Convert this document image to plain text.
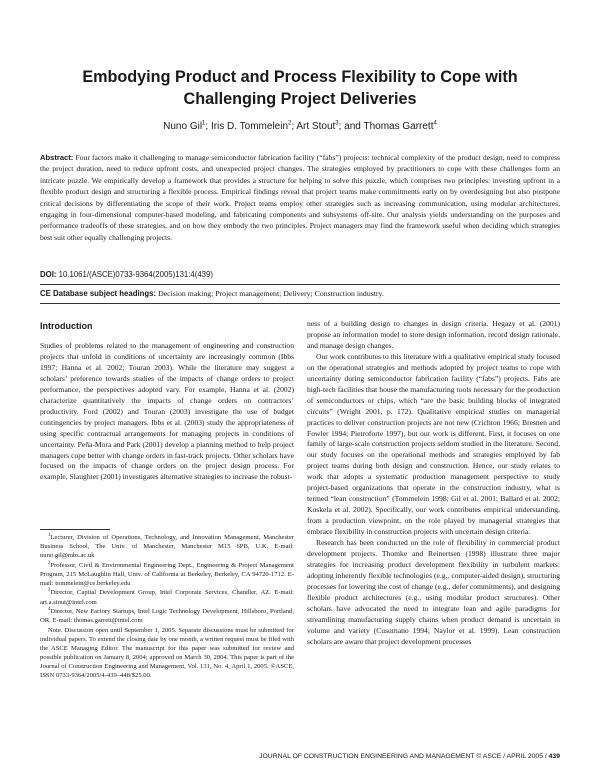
Embodying Product and Process Flexibility to Cope with Challenging Project Deliveries
Nuno Gil$^1$; Iris D. Tommelein$^2$; Art Stout$^3$; and Thomas Garrett$^4$

Abstract: Four factors make it challenging to manage semiconductor fabrication facility (“fabs”) projects: technical complexity of the product design, need to compress the project duration, need to reduce upfront costs, and unexpected project changes. The strategies employed by practitioners to cope with these challenges form an intricate puzzle. We empirically develop a framework that provides a structure for helping to solve this puzzle, which comprises two principles: investing upfront in a flexible product design and structuring a flexible process. Empirical findings reveal that project teams make commitments early on by overdesigning but also postpone critical decisions by differentiating the scope of their work. Project teams employ other strategies such as increasing communication, using modular architectures, engaging in four-dimensional computer-based modeling, and fabricating components and subsystems off-site. Our analysis yields understanding on the purposes and performance tradeoffs of these strategies, and on how they embody the two principles. Project managers may find the framework useful when deciding which strategies best suit other equally challenging projects.

DOI: 10.1061/(ASCE)0733-9364(2005)131:4(439)
CE Database subject headings: Decision making; Project management; Delivery; Construction industry.
Introduction

Studies of problems related to the management of engineering and construction projects that unfold in conditions of uncertainty are increasingly common (Ibbs 1997; Hanna et al. 2002; Touran 2003). While the literature may suggest a scholars’ preference towards studies of the impacts of change orders to project performance, the perspectives adopted vary. For example, Hanna et al. (2002) characterize quantitatively the impacts of change orders on contractors’ productivity. Ford (2002) and Touran (2003) investigate the use of budget contingencies by project managers. Ibbs et al. (2003) study the appropriateness of using specific contractual arrangements for managing projects in conditions of uncertainty. Peña-Mora and Park (2001) develop a planning method to help project managers cope better with change orders in fast-track projects. Other scholars have focused on the impacts of change orders on the project design process. For example, Slaughter (2001) investigates alternative strategies to increase the robust-

$^1$Lecturer, Division of Operations, Technology, and Innovation Management, Manchester Business School, The Univ. of Manchester, Manchester M15 6PB, U.K. E-mail: nuno.gil@mbs.ac.uk

$^2$Professor, Civil & Environmental Engineering Dept., Engineering & Project Management Program, 215 McLaughlin Hall, Univ. of California at Berkeley, Berkeley, CA 94720-1712. E-mail: tommelein@ce.berkeley.edu

$^3$Director, Capital Development Group, Intel Corporate Services, Chandler, AZ. E-mail: art.a.stout@intel.com

$^4$Director, New Factory Startups, Intel Logic Technology Development, Hillsboro, Portland, OR. E-mail: thomas.garrett@intel.com

Note. Discussion open until September 1, 2005. Separate discussions must be submitted for individual papers. To extend the closing date by one month, a written request must be filed with the ASCE Managing Editor. The manuscript for this paper was submitted for review and possible publication on January 8, 2004; approved on March 30, 2004. This paper is part of the Journal of Construction Engineering and Management, Vol. 131, No. 4, April 1, 2005. ©ASCE, ISSN 0733-9364/2005/4-439–448/$25.00.

ness of a building design to changes in design criteria. Hegazy et al. (2001) propose an information model to store design information, record design rationale, and manage design changes.

Our work contributes to this literature with a qualitative empirical study focused on the operational strategies and methods adopted by project teams to cope with uncertainty during semiconductor fabrication facility (“fabs”) projects. Fabs are high-tech facilities that house the manufacturing tools necessary for the production of semiconductors or chips, which “are the basic building blocks of integrated circuits” (Wright 2001, p. 172). Qualitative empirical studies on managerial practices to deliver construction projects are not new (Crichton 1966; Bresnen and Fowler 1994; Pietroforte 1997), but our work is different. First, it focuses on one family of large-scale construction projects seldom studied in the literature. Second, our study focuses on the operational methods and strategies employed by fab project teams during both design and construction. Hence, our study relates to work that adopts a systematic production management perspective to study project-based organizations that operate in the construction industry, what is termed “lean construction” (Tommelein 1998; Gil et al. 2001; Ballard et al. 2002; Koskela et al. 2002). Specifically, our work contributes empirical understanding, from a production viewpoint, on the role played by managerial strategies that embrace flexibility in construction projects with uncertain design criteria.

Research has been conducted on the role of flexibility in commercial product development projects. Thomke and Reinertsen (1998) illustrate three major strategies for increasing product development flexibility in turbulent markets: adopting inherently flexible technologies (e.g., computer-aided design), structuring processes for lowering the cost of change (e.g., defer commitments), and designing flexible product architectures (e.g., using modular product structures). Other scholars have advocated the need to integrate lean and agile paradigms for streamlining manufacturing supply chains when product demand is uncertain in volume and variety (Cusumano 1994; Naylor et al. 1999). Lean construction scholars are aware that project development processes

JOURNAL OF CONSTRUCTION ENGINEERING AND MANAGEMENT © ASCE / APRIL 2005 / 439
